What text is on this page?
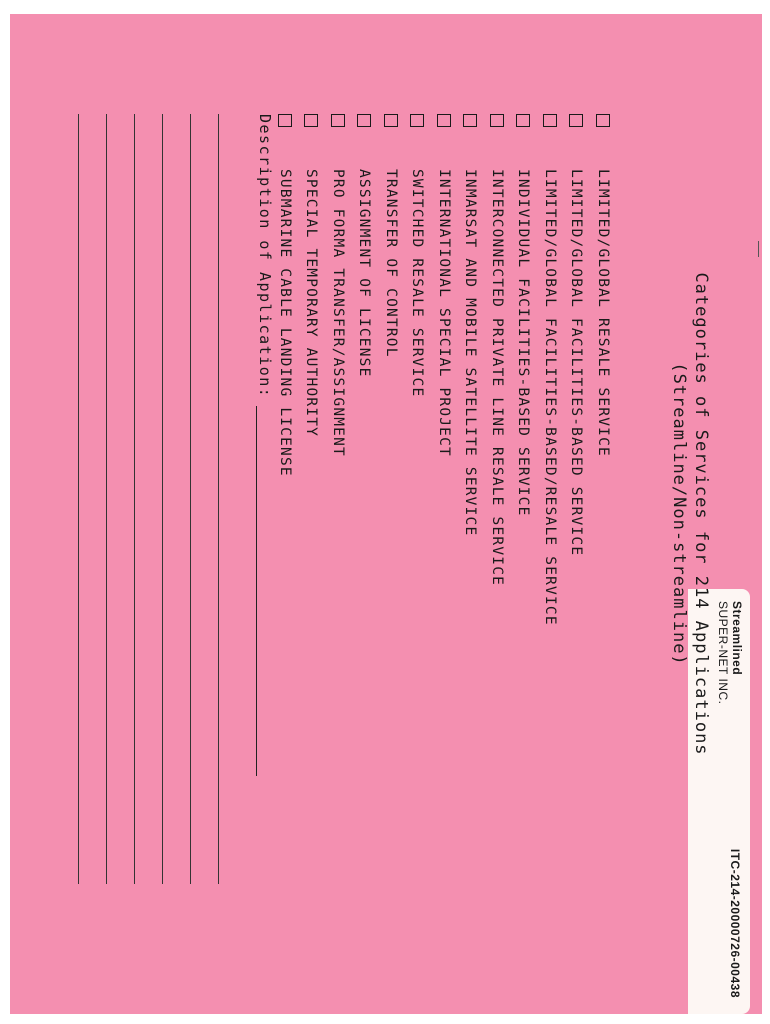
Streamlined
SUPER-NET INC.
ITC-214-20000726-00438
Categories of Services for 214 Applications
(Streamline/Non-streamline)
LIMITED/GLOBAL RESALE SERVICE
LIMITED/GLOBAL FACILITIES-BASED SERVICE
LIMITED/GLOBAL FACILITIES-BASED/RESALE SERVICE
INDIVIDUAL FACILITIES-BASED SERVICE
INTERCONNECTED PRIVATE LINE RESALE SERVICE
INMARSAT AND MOBILE SATELLITE SERVICE
INTERNATIONAL SPECIAL PROJECT
SWITCHED RESALE SERVICE
TRANSFER OF CONTROL
ASSIGNMENT OF LICENSE
PRO FORMA TRANSFER/ASSIGNMENT
SPECIAL TEMPORARY AUTHORITY
SUBMARINE CABLE LANDING LICENSE
Description of Application:
